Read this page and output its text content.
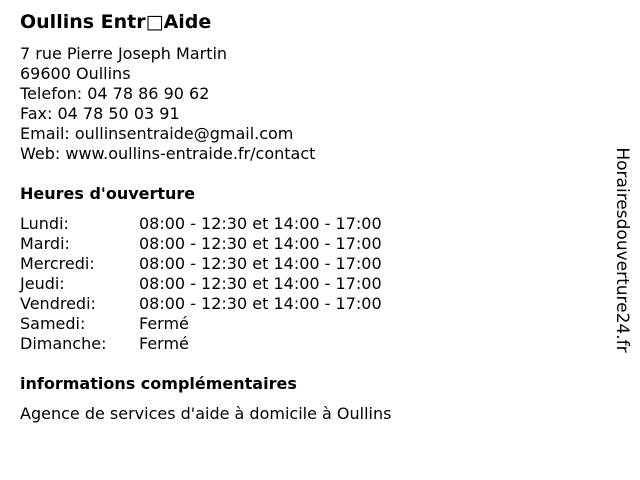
Oullins Entr□Aide
7 rue Pierre Joseph Martin
69600 Oullins
Telefon: 04 78 86 90 62
Fax: 04 78 50 03 91
Email: oullinsentraide@gmail.com
Web: www.oullins-entraide.fr/contact
Heures d'ouverture
Lundi:	08:00 - 12:30 et 14:00 - 17:00
Mardi:	08:00 - 12:30 et 14:00 - 17:00
Mercredi:	08:00 - 12:30 et 14:00 - 17:00
Jeudi:	08:00 - 12:30 et 14:00 - 17:00
Vendredi:	08:00 - 12:30 et 14:00 - 17:00
Samedi:	Fermé
Dimanche: Fermé
informations complémentaires
Agence de services d'aide à domicile à Oullins
Horairesdouverture24.fr
